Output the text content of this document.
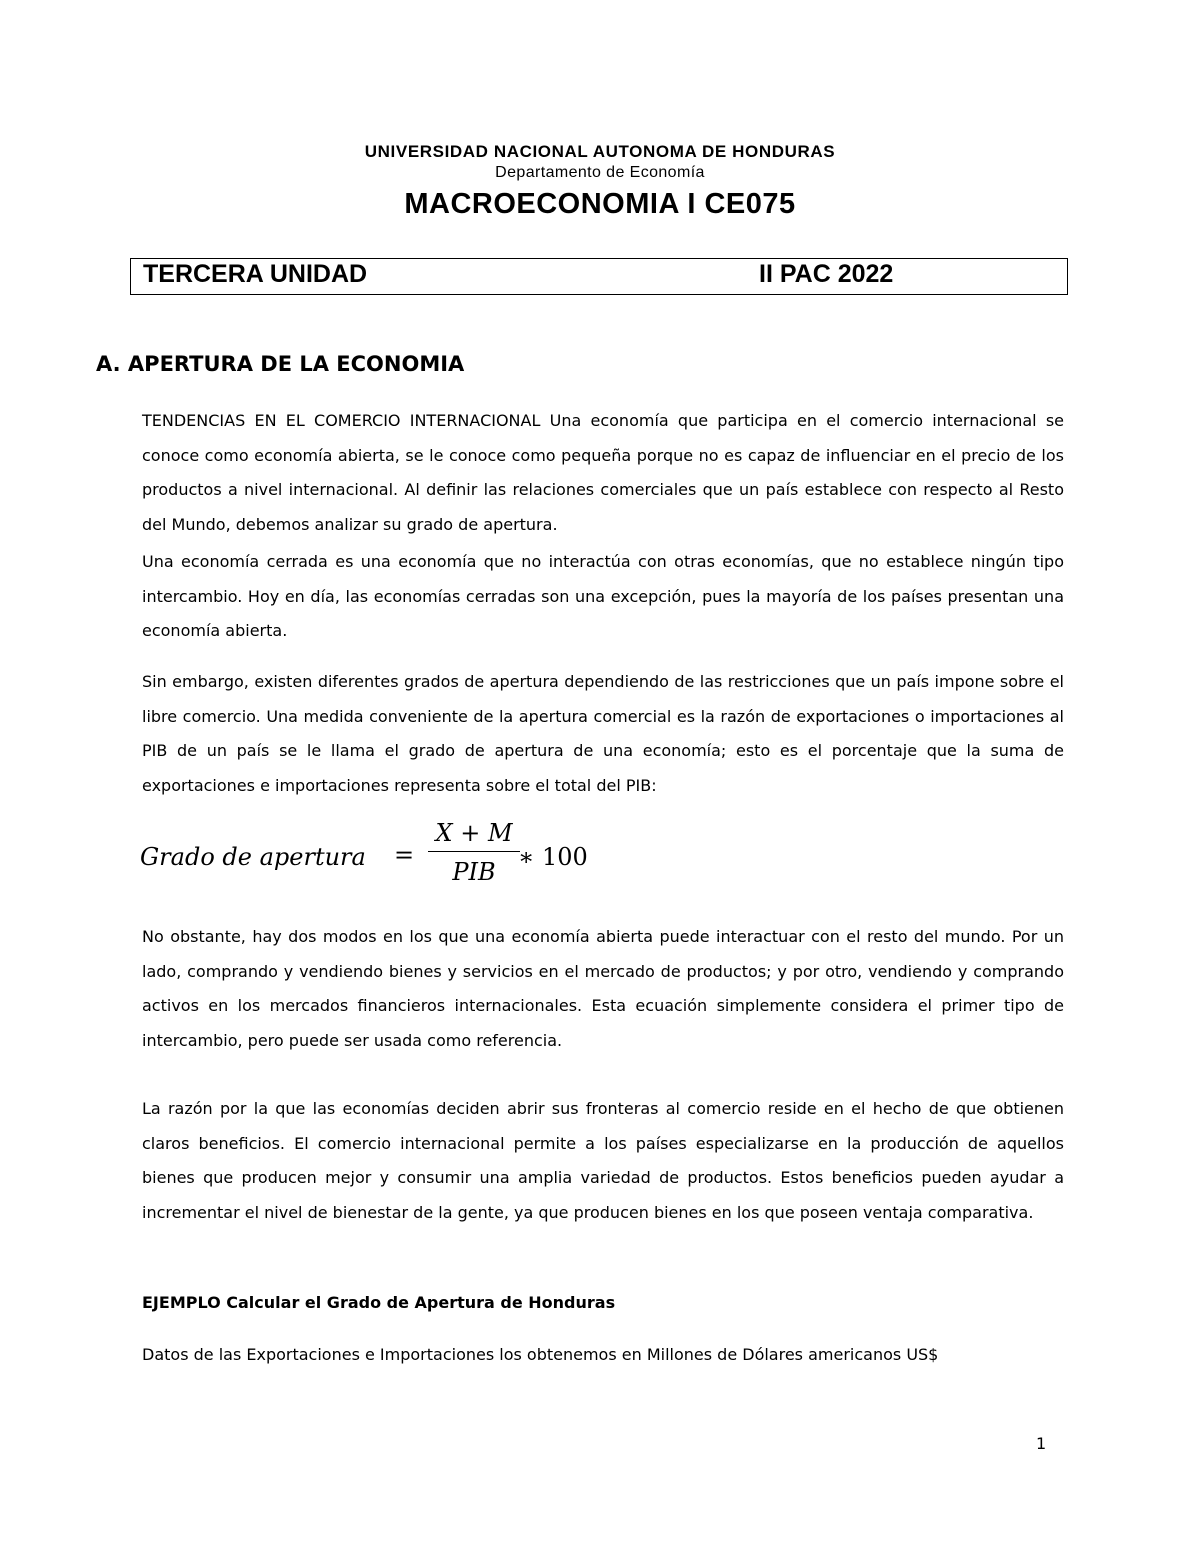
UNIVERSIDAD NACIONAL AUTONOMA DE HONDURAS
Departamento de Economía
MACROECONOMIA I CE075
TERCERA UNIDAD	II PAC 2022
A. APERTURA DE LA ECONOMIA

TENDENCIAS EN EL COMERCIO INTERNACIONAL Una economía que participa en el comercio internacional se conoce como economía abierta, se le conoce como pequeña porque no es capaz de influenciar en el precio de los productos a nivel internacional. Al definir las relaciones comerciales que un país establece con respecto al Resto del Mundo, debemos analizar su grado de apertura.

Una economía cerrada es una economía que no interactúa con otras economías, que no establece ningún tipo intercambio. Hoy en día, las economías cerradas son una excepción, pues la mayoría de los países presentan una economía abierta.

Sin embargo, existen diferentes grados de apertura dependiendo de las restricciones que un país impone sobre el libre comercio. Una medida conveniente de la apertura comercial es la razón de exportaciones o importaciones al PIB de un país se le llama el grado de apertura de una economía; esto es el porcentaje que la suma de exportaciones e importaciones representa sobre el total del PIB:

Grado de apertura =
X + M
PIB
∗ 100

No obstante, hay dos modos en los que una economía abierta puede interactuar con el resto del mundo. Por un lado, comprando y vendiendo bienes y servicios en el mercado de productos; y por otro, vendiendo y comprando activos en los mercados financieros internacionales. Esta ecuación simplemente considera el primer tipo de intercambio, pero puede ser usada como referencia.

La razón por la que las economías deciden abrir sus fronteras al comercio reside en el hecho de que obtienen claros beneficios. El comercio internacional permite a los países especializarse en la producción de aquellos bienes que producen mejor y consumir una amplia variedad de productos. Estos beneficios pueden ayudar a incrementar el nivel de bienestar de la gente, ya que producen bienes en los que poseen ventaja comparativa.

EJEMPLO Calcular el Grado de Apertura de Honduras

Datos de las Exportaciones e Importaciones los obtenemos en Millones de Dólares americanos US$

1
